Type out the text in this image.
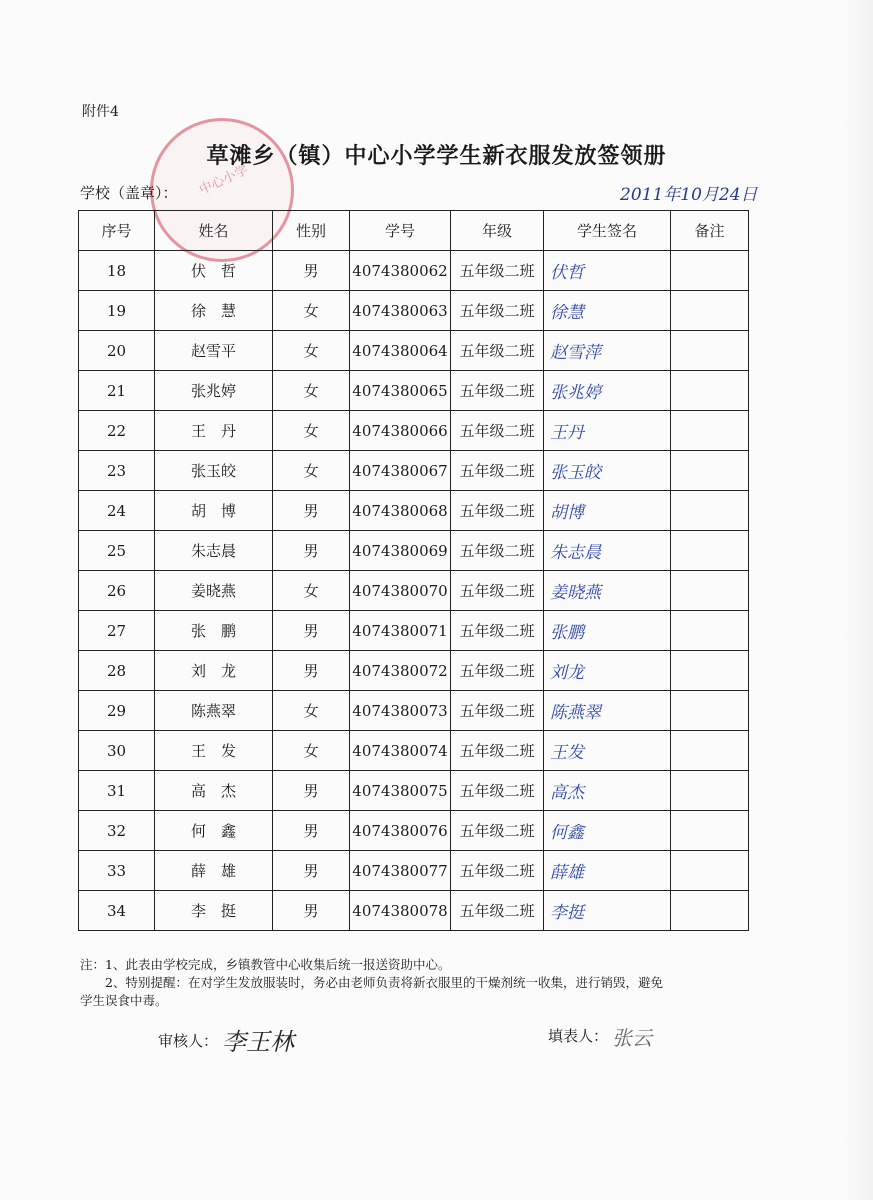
附件4
中心小学
草滩乡（镇）中心小学学生新衣服发放签领册
学校（盖章）：	2011年10月24日
序号	姓名	性别	学号	年级	学生签名	备注
18	伏　哲	男	4074380062	五年级二班	伏哲	
19	徐　慧	女	4074380063	五年级二班	徐慧	
20	赵雪平	女	4074380064	五年级二班	赵雪萍	
21	张兆婷	女	4074380065	五年级二班	张兆婷	
22	王　丹	女	4074380066	五年级二班	王丹	
23	张玉皎	女	4074380067	五年级二班	张玉皎	
24	胡　博	男	4074380068	五年级二班	胡博	
25	朱志晨	男	4074380069	五年级二班	朱志晨	
26	姜晓燕	女	4074380070	五年级二班	姜晓燕	
27	张　鹏	男	4074380071	五年级二班	张鹏	
28	刘　龙	男	4074380072	五年级二班	刘龙	
29	陈燕翠	女	4074380073	五年级二班	陈燕翠	
30	王　发	女	4074380074	五年级二班	王发	
31	高　杰	男	4074380075	五年级二班	高杰	
32	何　鑫	男	4074380076	五年级二班	何鑫	
33	薛　雄	男	4074380077	五年级二班	薛雄	
34	李　挺	男	4074380078	五年级二班	李挺	
注：1、此表由学校完成，乡镇教管中心收集后统一报送资助中心。
　　2、特别提醒：在对学生发放服装时，务必由老师负责将新衣服里的干燥剂统一收集，进行销毁，避免
学生误食中毒。
审核人： 李王林	填表人： 张云
